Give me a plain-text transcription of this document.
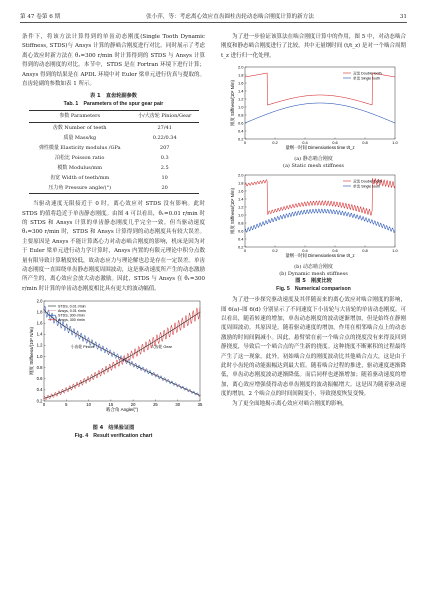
第 47 卷第 6 期	张小萍，等：考虑离心效应直齿圆柱齿轮动态啮合刚度计算的新方法	31

条件下，将该方法计算得到的单齿动态刚度(Single Tooth Dynamic Stiffness, STDS)与 Ansys 计算的静啮合刚度进行对比。同时展示了考虑离心效应时新方法在 θ̇₁=300 r/min 时计算得到的 STDS 与 Ansys 计算得到的动态刚度的对比。本节中，STDS 是在 Fortran 环境下进行计算；Ansys 得到的结果是在 APDL 环境中对 Euler 梁单元进行仿真与提取的。直齿轮副的参数如表 1 所示。

表 1　直齿轮副参数
Tab. 1　Parameters of the spur gear pair
参数 Parameters	小/大齿轮 Pinion/Gear
齿数 Number of teeth	27/41
质量 Mass/kg	0.22/0.34
弹性模量 Elasticity modulus /GPa	207
泊松比 Poisson ratio	0.3
模数 Modulus/mm	2.5
齿宽 Width of teeth/mm	10
压力角 Pressure angle/(°)	20

当驱动速度无限接近于 0 时，离心效应对 STDS 没有影响。此时 STDS 的值将趋近于单齿静态刚度。由图 4 可以看出，θ̇₁=0.01 r/min 时的 STDS 和 Ansys 计算的单齿静态刚度几乎完全一致。但当驱动速度 θ̇₁=300 r/min 时，STDS 和 Ansys 计算得到的动态刚度具有较大误差。主要原因是 Ansys 不能计算离心力对动态啮合刚度的影响，机床是因为对于 Euler 梁单元进行动力学计算时，Ansys 内置的有限元理论中积分点数量有限导致计算精度较低，故动态应力与理论解也总是存在一定误差。单齿动态刚度一直围绕单齿静态刚度周围波动，这是驱动速度所产生的动态激励所产生的，离心效应会放大动态激励。因此，STDS 与 Ansys 在 θ̇₁=300 r/min 时计算的单齿动态刚度相比具有更大的波动幅值。

0	5	10	15	20	25	30	35
0.2
0.4
0.6
0.8
1.0
1.2
1.4
1.6
1.8
2.0
啮合角 Angle/(°)
刚度 Stiffness/(10⁸ N/m)
STDS, 0.01 r/min
Ansys, 0.01 r/min
STDS, 300 r/min
Ansys, 300 r/min
小齿轮 Pinion	大齿轮 Gear
图 4　结果验证图
Fig. 4　Result verification chart

为了进一步验证该算法在啮合刚度计算中的作用，图 5 中，对动态啮合刚度和静态啮合刚度进行了比较。其中无量纲时间 (t/t_z) 是对一个啮合周期 t_z 进行归一化处理。

0	0.2	0.4	0.6	0.8	1.0
0.2
0.4
0.6
0.8
1.0
1.2
1.4
1.6
1.8
2.0
量纲一时间 Dimensionless time t/t_z
刚度 Stiffness/(10⁸ N/m)
双齿 Double tooth
单齿 Single tooth
(a) 静态啮合刚度
(a) Static mesh stiffness
0	0.2	0.4	0.6	0.8	1.0
0.2
0.4
0.6
0.8
1.0
1.2
1.4
1.6
1.8
2.0
量纲一时间 Dimensionless time t/t_z
刚度 Stiffness/(10⁸ N/m)
双齿 Double tooth
单齿 Single tooth
(b) 动态啮合刚度
(b) Dynamic mesh stiffness
图 5　刚度比较
Fig. 5　Numerical comparison

为了进一步探究驱动速度及其伴随而来的离心效应对啮合刚度的影响，图 6(a)–图 6(d) 分别显示了不同速度下小齿轮与大齿轮的单齿动态刚度。可以看出，随着转速的增加，单齿动态刚度的波动逐渐增加，但是始终在静刚度周围波动。其原因是，随着驱动速度的增加，作用在相邻啮合点上的动态激励的时间间隔减小。因此，悬臂梁在前一个啮合点的挠度没有来得及回到静挠度，导致后一个啮合点的产生新的挠度。这种挠度不断累积的过程最终产生了这一现象。此外，初始啮合点的刚度波动比其他啮合点大，这是由于此时小齿轮的动能振幅达到最大值。随着啮合过程的推进，驱动速度逐渐降低，单齿动态刚度波动逐渐降低。而后同样也逐渐增加；随着驱动速度的增加，离心效应增强使得动态单齿刚度的波动振幅增大。这是因为随着驱动速度的增加，2 个啮合点的时间间隔变小，导致挠度恢复变慢。

为了更全面地揭示离心效应对啮合刚度的影响，
